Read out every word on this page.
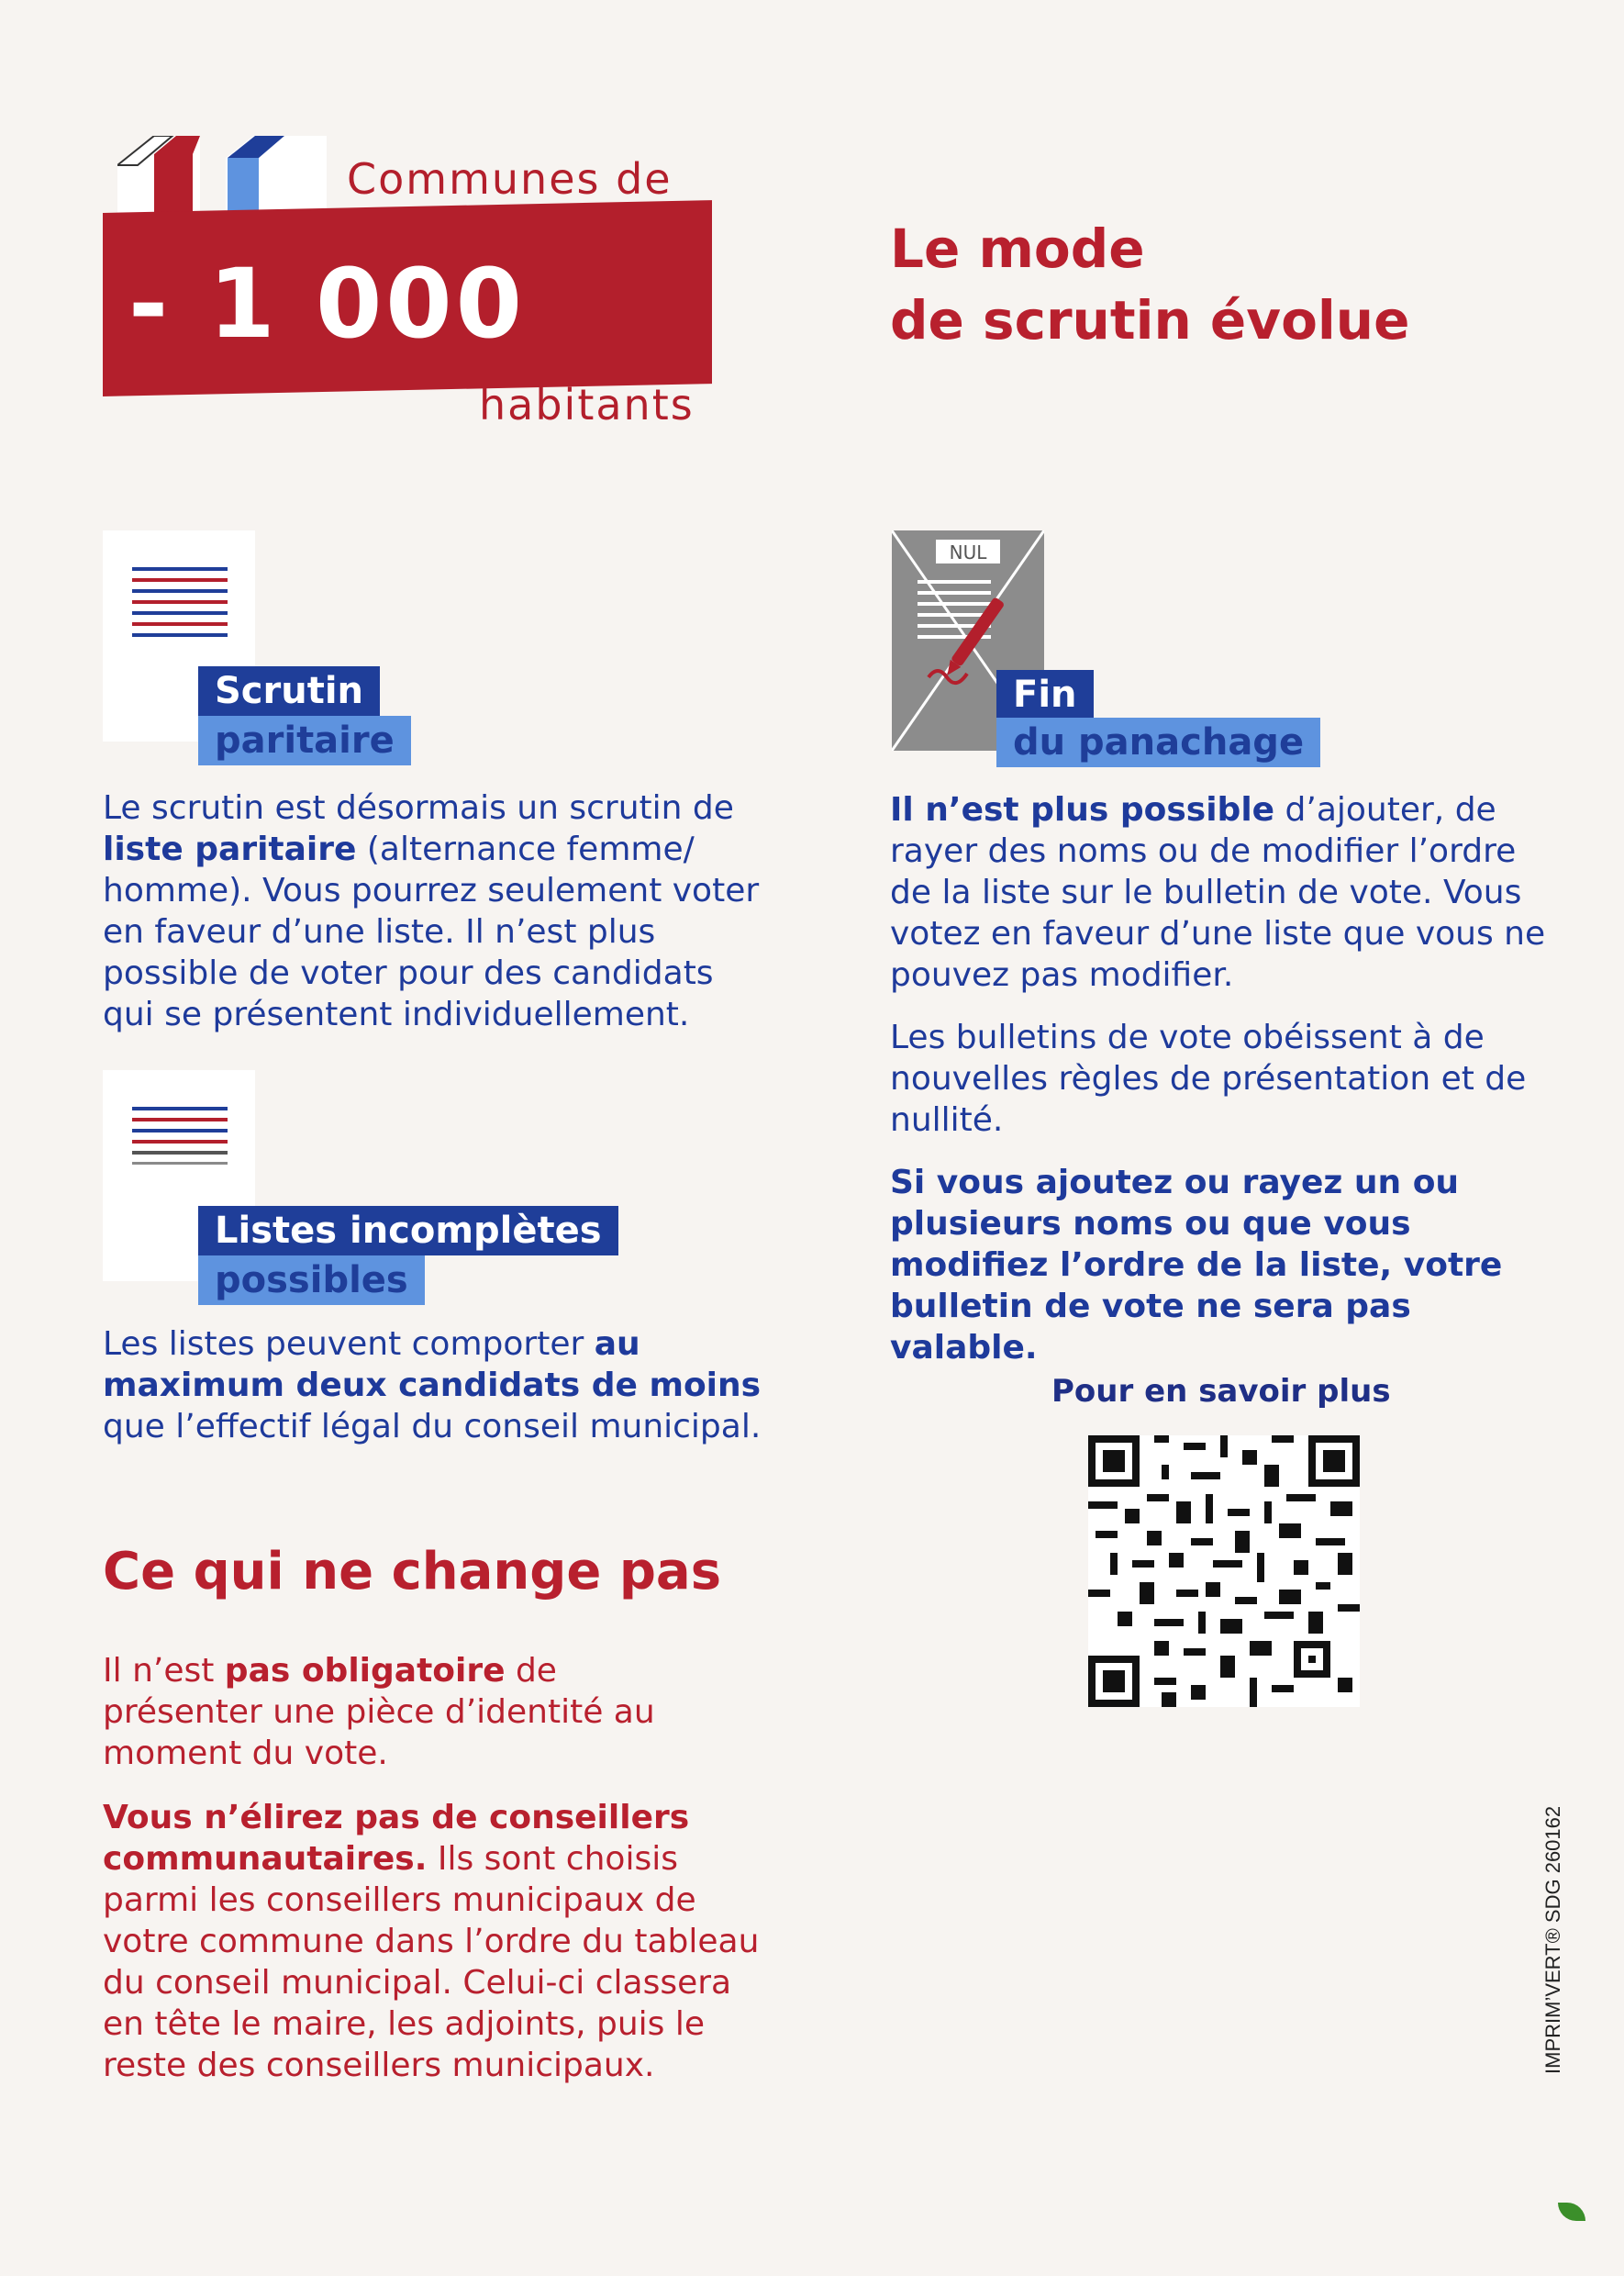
Communes de
- 1 000
habitants
Le mode
de scrutin évolue
Scrutin
paritaire
Le scrutin est désormais un scrutin de liste paritaire (alternance femme/ homme). Vous pourrez seulement voter en faveur d’une liste. Il n’est plus possible de voter pour des candidats qui se présentent individuellement.
Listes incomplètes
possibles
Les listes peuvent comporter au maximum deux candidats de moins que l’effectif légal du conseil municipal.
NUL
Fin
du panachage
Il n’est plus possible d’ajouter, de rayer des noms ou de modifier l’ordre de la liste sur le bulletin de vote. Vous votez en faveur d’une liste que vous ne pouvez pas modifier.
Les bulletins de vote obéissent à de nouvelles règles de présentation et de nullité.
Si vous ajoutez ou rayez un ou plusieurs noms ou que vous modifiez l’ordre de la liste, votre bulletin de vote ne sera pas valable.
Pour en savoir plus
Ce qui ne change pas
Il n’est pas obligatoire de présenter une pièce d’identité au moment du vote.
Vous n’élirez pas de conseillers communautaires. Ils sont choisis parmi les conseillers municipaux de votre commune dans l’ordre du tableau du conseil municipal. Celui-ci classera en tête le maire, les adjoints, puis le reste des conseillers municipaux.	IMPRIM’VERT® SDG 260162
